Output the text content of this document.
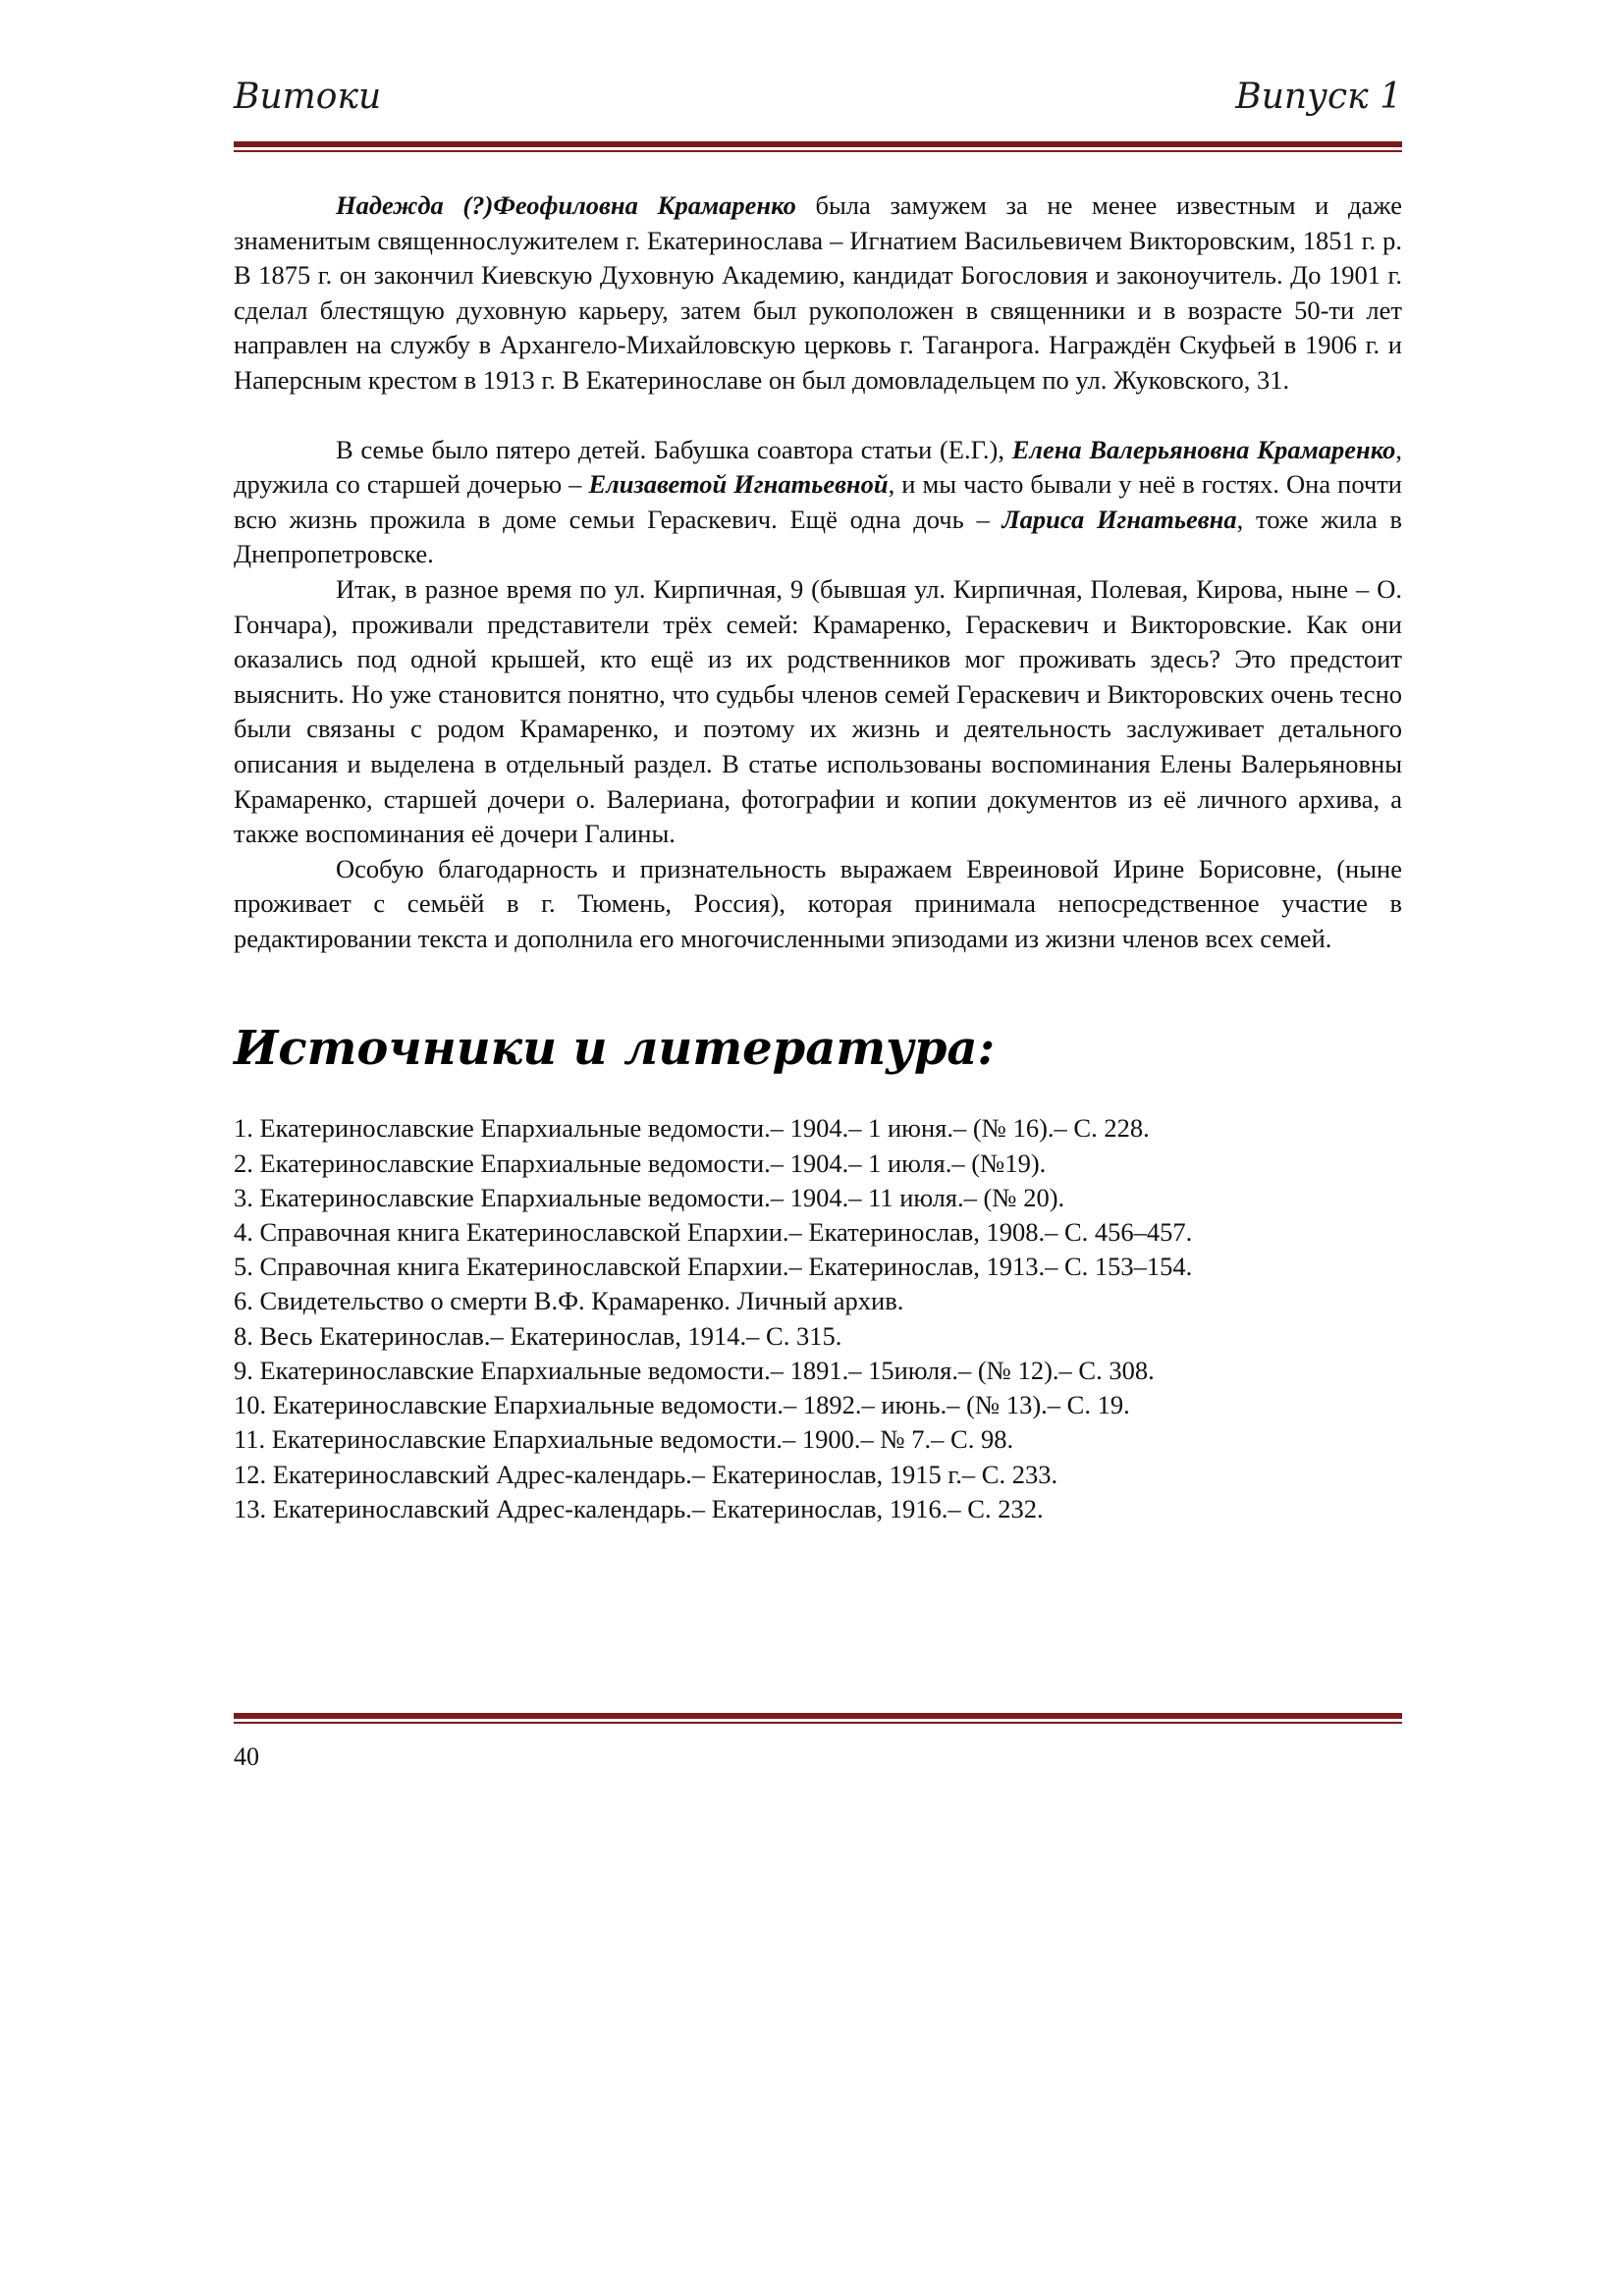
Витоки	Випуск 1

Надежда (?)Феофиловна Крамаренко была замужем за не менее известным и даже знаменитым священнослужителем г. Екатеринослава – Игнатием Васильевичем Викторовским, 1851 г. р. В 1875 г. он закончил Киевскую Духовную Академию, кандидат Богословия и законоучитель. До 1901 г. сделал блестящую духовную карьеру, затем был рукоположен в священники и в возрасте 50-ти лет направлен на службу в Архангело-Михайловскую церковь г. Таганрога. Награждён Скуфьей в 1906 г. и Наперсным крестом в 1913 г. В Екатеринославе он был домовладельцем по ул. Жуковского, 31.

В семье было пятеро детей. Бабушка соавтора статьи (Е.Г.), Елена Валерьяновна Крамаренко, дружила со старшей дочерью – Елизаветой Игнатьевной, и мы часто бывали у неё в гостях. Она почти всю жизнь прожила в доме семьи Гераскевич. Ещё одна дочь – Лариса Игнатьевна, тоже жила в Днепропетровске.

Итак, в разное время по ул. Кирпичная, 9 (бывшая ул. Кирпичная, Полевая, Кирова, ныне – О. Гончара), проживали представители трёх семей: Крамаренко, Гераскевич и Викторовские. Как они оказались под одной крышей, кто ещё из их родственников мог проживать здесь? Это предстоит выяснить. Но уже становится понятно, что судьбы членов семей Гераскевич и Викторовских очень тесно были связаны с родом Крамаренко, и поэтому их жизнь и деятельность заслуживает детального описания и выделена в отдельный раздел. В статье использованы воспоминания Елены Валерьяновны Крамаренко, старшей дочери о. Валериана, фотографии и копии документов из её личного архива, а также воспоминания её дочери Галины.

Особую благодарность и признательность выражаем Евреиновой Ирине Борисовне, (ныне проживает с семьёй в г. Тюмень, Россия), которая принимала непосредственное участие в редактировании текста и дополнила его многочисленными эпизодами из жизни членов всех семей.

Источники и литература:
1. Екатеринославские Епархиальные ведомости.– 1904.– 1 июня.– (№ 16).– С. 228.
2. Екатеринославские Епархиальные ведомости.– 1904.– 1 июля.– (№19).
3. Екатеринославские Епархиальные ведомости.– 1904.– 11 июля.– (№ 20).
4. Справочная книга Екатеринославской Епархии.– Екатеринослав, 1908.– С. 456–457.
5. Справочная книга Екатеринославской Епархии.– Екатеринослав, 1913.– С. 153–154.
6. Свидетельство о смерти В.Ф. Крамаренко. Личный архив.
8. Весь Екатеринослав.– Екатеринослав, 1914.– С. 315.
9. Екатеринославские Епархиальные ведомости.– 1891.– 15июля.– (№ 12).– С. 308.
10. Екатеринославские Епархиальные ведомости.– 1892.– июнь.– (№ 13).– С. 19.
11. Екатеринославские Епархиальные ведомости.– 1900.– № 7.– С. 98.
12. Екатеринославский Адрес-календарь.– Екатеринослав, 1915 г.– С. 233.
13. Екатеринославский Адрес-календарь.– Екатеринослав, 1916.– С. 232.
40
